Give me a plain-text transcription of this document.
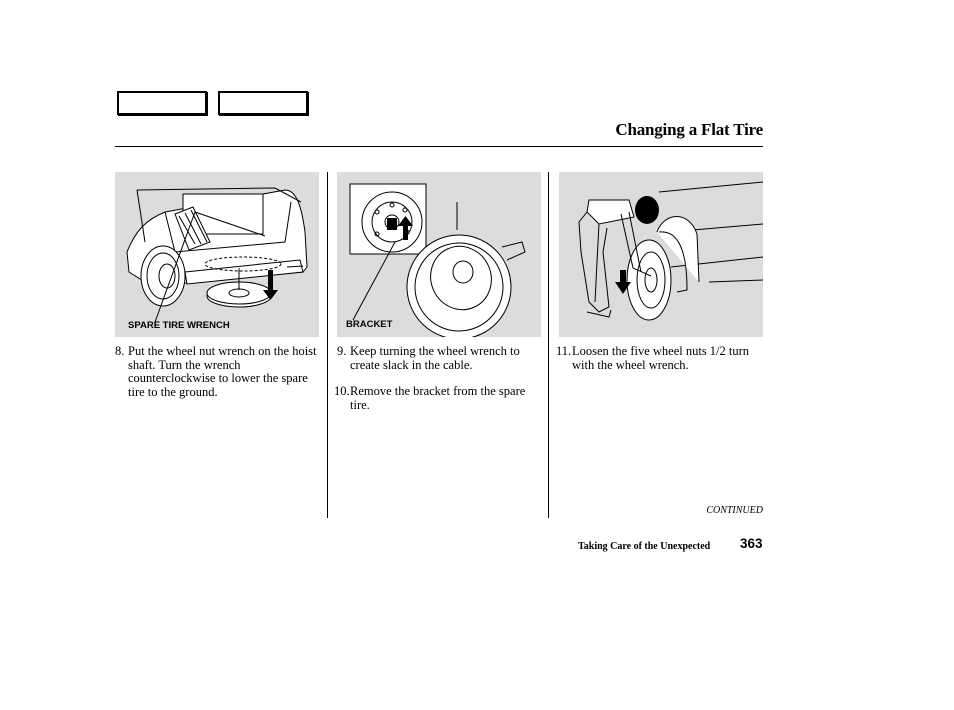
Changing a Flat Tire
SPARE TIRE WRENCH	BRACKET
8. Put the wheel nut wrench on the hoist shaft. Turn the wrench counterclockwise to lower the spare tire to the ground.
9. Keep turning the wheel wrench to create slack in the cable.
10. Remove the bracket from the spare tire.
11. Loosen the five wheel nuts 1/2 turn with the wheel wrench.
CONTINUED
Taking Care of the Unexpected 363
